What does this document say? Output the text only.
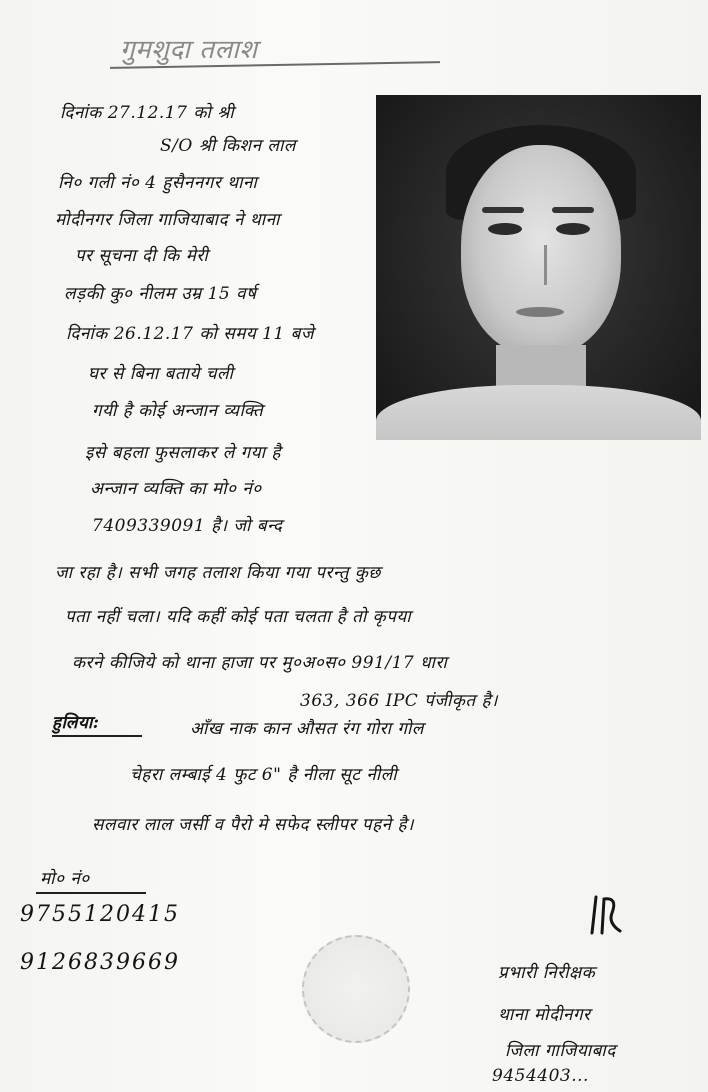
गुमशुदा तलाश
दिनांक 27.12.17 को श्री
S/O श्री किशन लाल
नि० गली नं० 4 हुसैननगर थाना
मोदीनगर जिला गाजियाबाद ने थाना
पर सूचना दी कि मेरी
लड़की कु० नीलम उम्र 15 वर्ष
दिनांक 26.12.17 को समय 11 बजे
घर से बिना बताये चली
गयी है कोई अन्जान व्यक्ति
इसे बहला फुसलाकर ले गया है
अन्जान व्यक्ति का मो० नं०
7409339091 है। जो बन्द
जा रहा है। सभी जगह तलाश किया गया परन्तु कुछ
पता नहीं चला। यदि कहीं कोई पता चलता है तो कृपया
करने कीजिये को थाना हाजा पर मु०अ०स० 991/17 धारा
363, 366 IPC पंजीकृत है।
हुलिया:	आँख नाक कान औसत रंग गोरा गोल
चेहरा लम्बाई 4 फुट 6" है नीला सूट नीली
सलवार लाल जर्सी व पैरो मे सफेद स्लीपर पहने है।
मो० नं०
9755120415
9126839669	प्रभारी निरीक्षक
थाना मोदीनगर
जिला गाजियाबाद
9454403...
